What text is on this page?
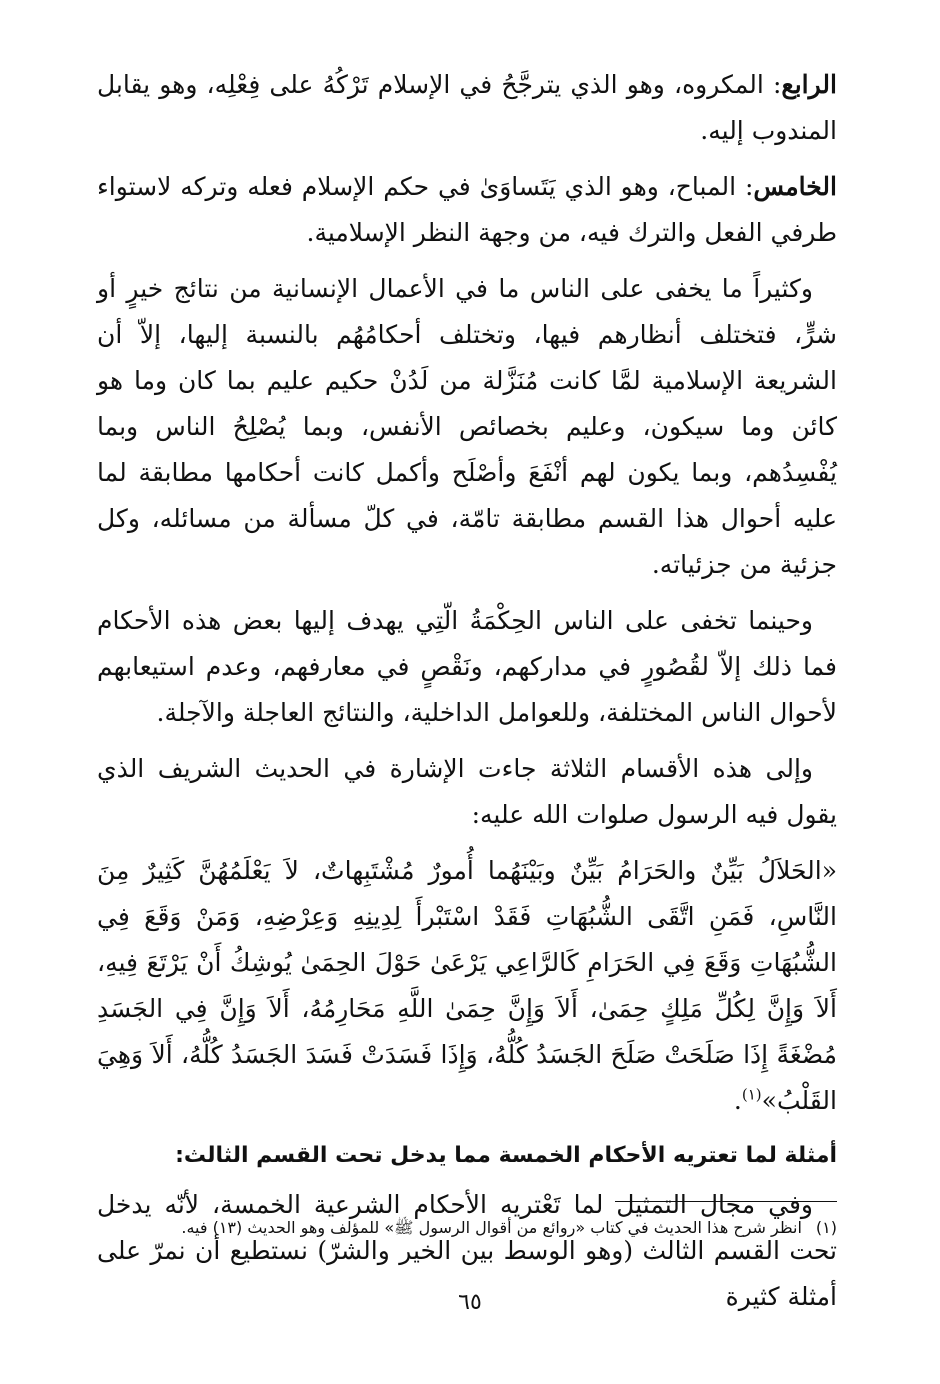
الرابع: المكروه، وهو الذي يترجَّحُ في الإسلام تَرْكُهُ على فِعْلِه، وهو يقابل المندوب إليه.

الخامس: المباح، وهو الذي يَتَساوَىٰ في حكم الإسلام فعله وتركه لاستواء طرفي الفعل والترك فيه، من وجهة النظر الإسلامية.

وكثيراً ما يخفى على الناس ما في الأعمال الإنسانية من نتائج خيرٍ أو شرٍّ، فتختلف أنظارهم فيها، وتختلف أحكامُهُم بالنسبة إليها، إلاّ أن الشريعة الإسلامية لمَّا كانت مُنَزَّلة من لَدُنْ حكيم عليم بما كان وما هو كائن وما سيكون، وعليم بخصائص الأنفس، وبما يُصْلِحُ الناس وبما يُفْسِدُهم، وبما يكون لهم أنْفَعَ وأصْلَح وأكمل كانت أحكامها مطابقة لما عليه أحوال هذا القسم مطابقة تامّة، في كلّ مسألة من مسائله، وكل جزئية من جزئياته.

وحينما تخفى على الناس الحِكْمَةُ الّتِي يهدف إليها بعض هذه الأحكام فما ذلك إلاّ لقُصُورٍ في مداركهم، ونَقْصٍ في معارفهم، وعدم استيعابهم لأحوال الناس المختلفة، وللعوامل الداخلية، والنتائج العاجلة والآجلة.

وإلى هذه الأقسام الثلاثة جاءت الإشارة في الحديث الشريف الذي يقول فيه الرسول صلوات الله عليه:

«الحَلاَلُ بَيِّنٌ والحَرَامُ بَيِّنٌ وبَيْنَهُما أُمورٌ مُشْتَبِهاتٌ، لاَ يَعْلَمُهُنَّ كَثِيرٌ مِنَ النَّاسِ، فَمَنِ اتَّقَى الشُّبُهَاتِ فَقَدْ اسْتَبْرأَ لِدِينِهِ وَعِرْضِهِ، وَمَنْ وَقَعَ فِي الشُّبُهَاتِ وَقَعَ فِي الحَرَامِ كَالرَّاعِي يَرْعَىٰ حَوْلَ الحِمَىٰ يُوشِكُ أَنْ يَرْتَعَ فِيهِ، أَلاَ وَإِنَّ لِكُلِّ مَلِكٍ حِمَىٰ، أَلاَ وَإِنَّ حِمَىٰ اللَّهِ مَحَارِمُهُ، أَلاَ وَإِنَّ فِي الجَسَدِ مُضْغَةً إِذَا صَلَحَتْ صَلَحَ الجَسَدُ كُلُّهُ، وَإِذَا فَسَدَتْ فَسَدَ الجَسَدُ كُلُّهُ، أَلاَ وَهِيَ القَلْبُ»$^{(١)}$.

أمثلة لما تعتريه الأحكام الخمسة مما يدخل تحت القسم الثالث:

وفي مجال التمثيل لما تَعْتريه الأحكام الشرعية الخمسة، لأنّه يدخل تحت القسم الثالث (وهو الوسط بين الخير والشرّ) نستطيع أن نمرّ على أمثلة كثيرة

(١)انظر شرح هذا الحديث في كتاب «روائع من أقوال الرسول ﷺ» للمؤلف وهو الحديث (١٣) فيه.
٦٥
